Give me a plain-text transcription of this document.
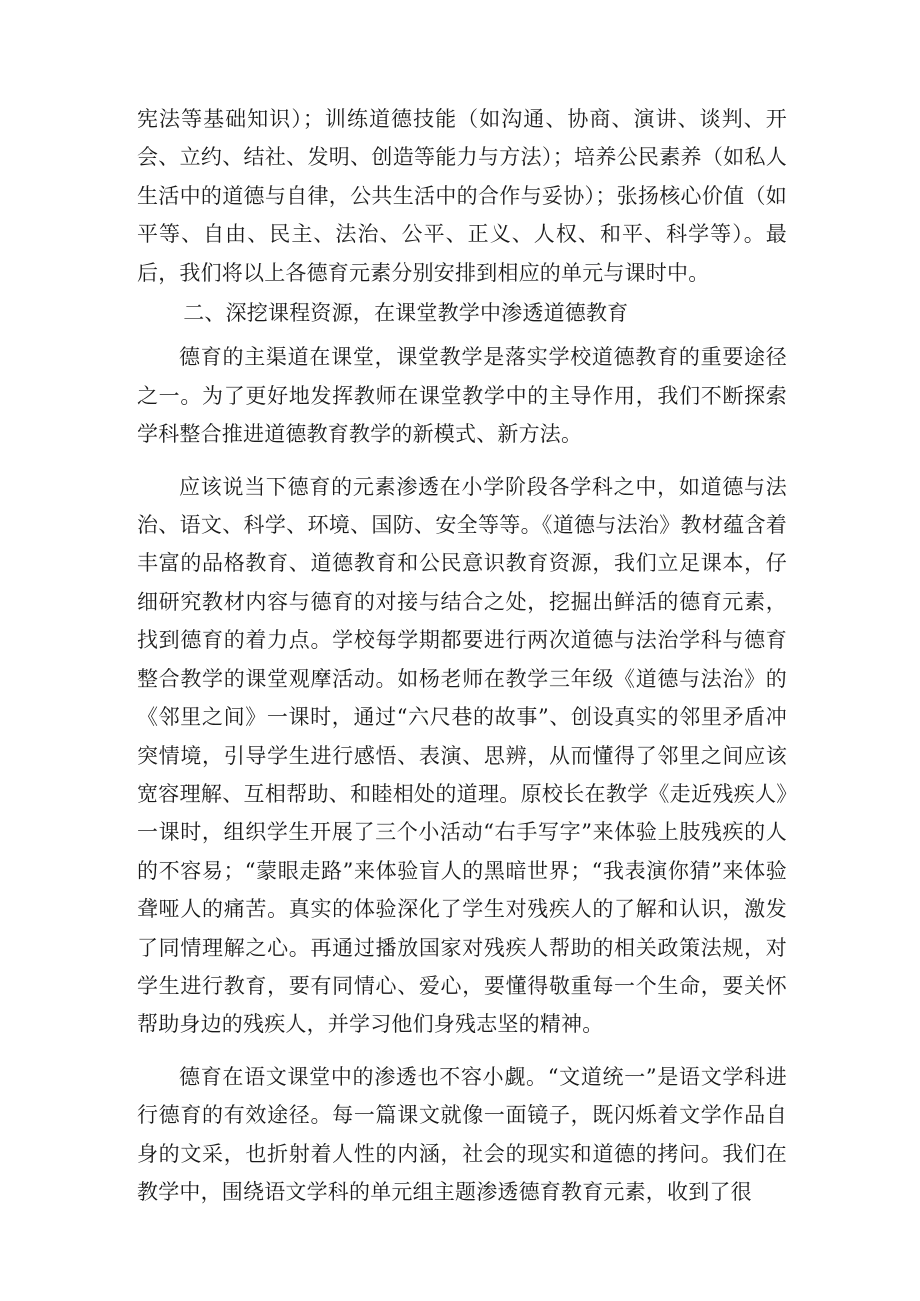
宪法等基础知识）；训练道德技能（如沟通、协商、演讲、谈判、开会、立约、结社、发明、创造等能力与方法）；培养公民素养（如私人生活中的道德与自律，公共生活中的合作与妥协）；张扬核心价值（如平等、自由、民主、法治、公平、正义、人权、和平、科学等）。最后，我们将以上各德育元素分别安排到相应的单元与课时中。

二、深挖课程资源，在课堂教学中渗透道德教育

德育的主渠道在课堂，课堂教学是落实学校道德教育的重要途径之一。为了更好地发挥教师在课堂教学中的主导作用，我们不断探索学科整合推进道德教育教学的新模式、新方法。

应该说当下德育的元素渗透在小学阶段各学科之中，如道德与法治、语文、科学、环境、国防、安全等等。《道德与法治》教材蕴含着丰富的品格教育、道德教育和公民意识教育资源，我们立足课本，仔细研究教材内容与德育的对接与结合之处，挖掘出鲜活的德育元素，找到德育的着力点。学校每学期都要进行两次道德与法治学科与德育整合教学的课堂观摩活动。如杨老师在教学三年级《道德与法治》的《邻里之间》一课时，通过“六尺巷的故事”、创设真实的邻里矛盾冲突情境，引导学生进行感悟、表演、思辨，从而懂得了邻里之间应该宽容理解、互相帮助、和睦相处的道理。原校长在教学《走近残疾人》一课时，组织学生开展了三个小活动“右手写字”来体验上肢残疾的人的不容易；“蒙眼走路”来体验盲人的黑暗世界；“我表演你猜”来体验聋哑人的痛苦。真实的体验深化了学生对残疾人的了解和认识，激发了同情理解之心。再通过播放国家对残疾人帮助的相关政策法规，对学生进行教育，要有同情心、爱心，要懂得敬重每一个生命，要关怀帮助身边的残疾人，并学习他们身残志坚的精神。

德育在语文课堂中的渗透也不容小觑。“文道统一”是语文学科进行德育的有效途径。每一篇课文就像一面镜子，既闪烁着文学作品自身的文采，也折射着人性的内涵，社会的现实和道德的拷问。我们在教学中，围绕语文学科的单元组主题渗透德育教育元素，收到了很
